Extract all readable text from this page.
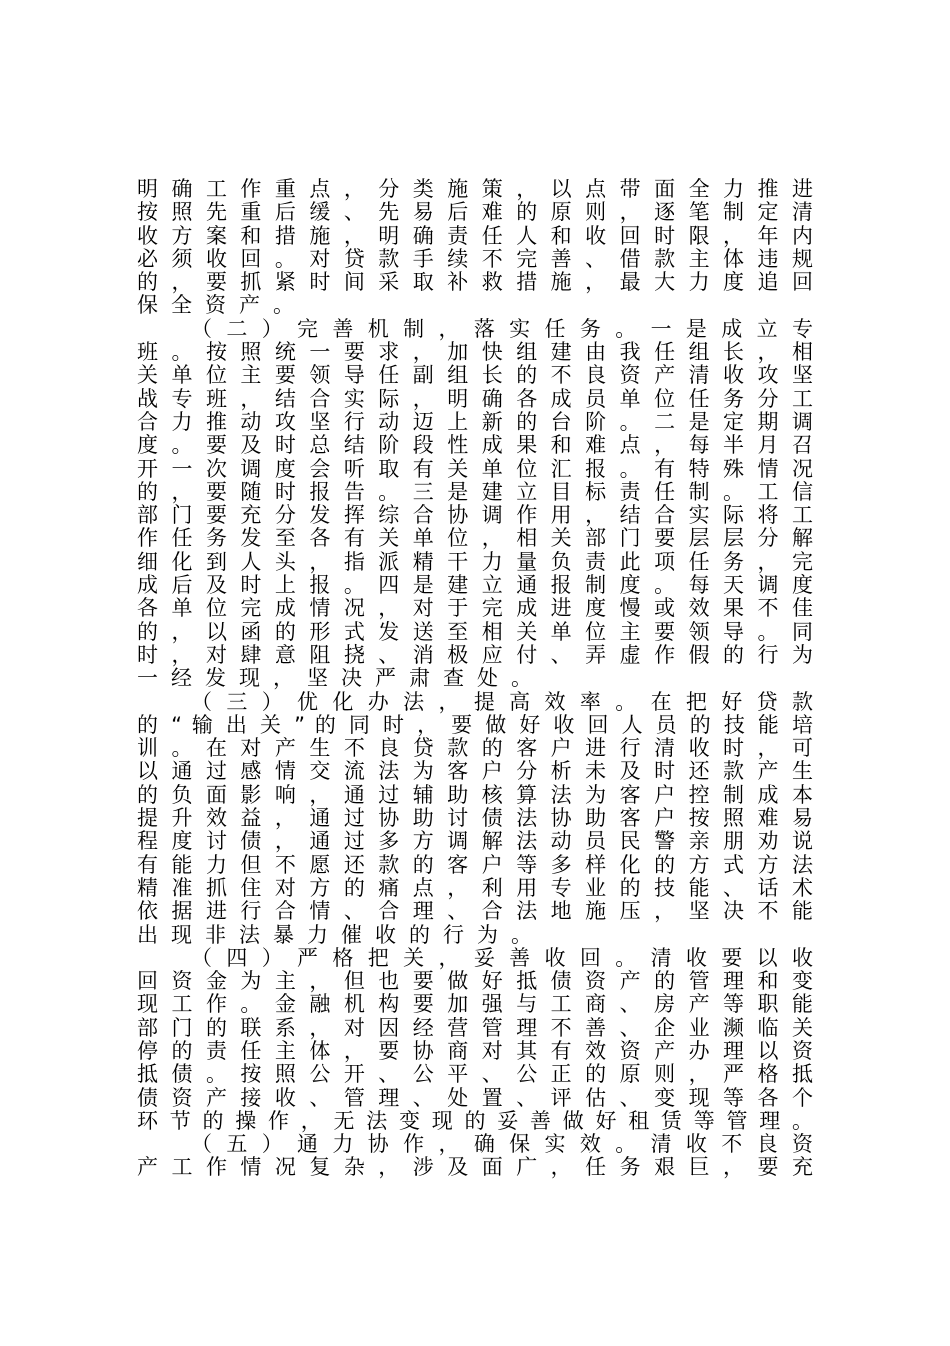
明 确 工 作 重 点 ， 分 类 施 策 ， 以 点 带 面 全 力 推 进
按 照 先 重 后 缓 、 先 易 后 难 的 原 则 ， 逐 笔 制 定 清
收 方 案 和 措 施 ， 明 确 责 任 人 和 收 回 时 限 ， 年 内
必 须 收 回 。 对 贷 款 手 续 不 完 善 、 借 款 主 体 违 规
的 ， 要 抓 紧 时 间 采 取 补 救 措 施 ， 最 大 力 度 追 回
保全资产。
（ 二 ） 完 善 机 制 ， 落 实 任 务 。 一 是 成 立 专
班 。 按 照 统 一 要 求 ， 加 快 组 建 由 我 任 组 长 ， 相
关 单 位 主 要 领 导 任 副 组 长 的 不 良 资 产 清 收 攻 坚
战 专 班 ， 结 合 实 际 ， 明 确 各 成 员 单 位 任 务 分 工
合 力 推 动 攻 坚 行 动 迈 上 新 的 台 阶 。 二 是 定 期 调
度 。 要 及 时 总 结 阶 段 性 成 果 和 难 点 ， 每 半 月 召
开 一 次 调 度 会 听 取 有 关 单 位 汇 报 。 有 特 殊 情 况
的 ， 要 随 时 报 告 。 三 是 建 立 目 标 责 任 制 。 工 信
部 门 要 充 分 发 挥 综 合 协 调 作 用 ， 结 合 实 际 将 工
作 任 务 发 至 各 有 关 单 位 ， 相 关 部 门 要 层 层 分 解
细 化 到 人 头 ， 指 派 精 干 力 量 负 责 此 项 任 务 ， 完
成 后 及 时 上 报 。 四 是 建 立 通 报 制 度 。 每 天 调 度
各 单 位 完 成 情 况 ， 对 于 完 成 进 度 慢 或 效 果 不 佳
的 ， 以 函 的 形 式 发 送 至 相 关 单 位 主 要 领 导 。 同
时 ， 对 肆 意 阻 挠 、 消 极 应 付 、 弄 虚 作 假 的 行 为
一经发现，坚决严肃查处。
（ 三 ） 优 化 办 法 ， 提 高 效 率 。 在 把 好 贷 款
的 “ 输 出 关 ” 的 同 时 ， 要 做 好 收 回 人 员 的 技 能 培
训 。 在 对 产 生 不 良 贷 款 的 客 户 进 行 清 收 时 ， 可
以 通 过 感 情 交 流 法 为 客 户 分 析 未 及 时 还 款 产 生
的 负 面 影 响 ， 通 过 辅 助 核 算 法 为 客 户 控 制 成 本
提 升 效 益 ， 通 过 协 助 讨 债 法 协 助 客 户 按 照 难 易
程 度 讨 债 ， 通 过 多 方 调 解 法 动 员 民 警 亲 朋 劝 说
有 能 力 但 不 愿 还 款 的 客 户 等 多 样 化 的 方 式 方 法
精 准 抓 住 对 方 的 痛 点 ， 利 用 专 业 的 技 能 、 话 术
依 据 进 行 合 情 、 合 理 、 合 法 地 施 压 ， 坚 决 不 能
出现非法暴力催收的行为。
（ 四 ） 严 格 把 关 ， 妥 善 收 回 。 清 收 要 以 收
回 资 金 为 主 ， 但 也 要 做 好 抵 债 资 产 的 管 理 和 变
现 工 作 。 金 融 机 构 要 加 强 与 工 商 、 房 产 等 职 能
部 门 的 联 系 ， 对 因 经 营 管 理 不 善 、 企 业 濒 临 关
停 的 责 任 主 体 ， 要 协 商 对 其 有 效 资 产 办 理 以 资
抵 债 。 按 照 公 开 、 公 平 、 公 正 的 原 则 ， 严 格 抵
债 资 产 接 收 、 管 理 、 处 置 、 评 估 、 变 现 等 各 个
环 节 的 操 作 ， 无 法 变 现 的 妥 善 做 好 租 赁 等 管 理 。
（ 五 ） 通 力 协 作 ， 确 保 实 效 。 清 收 不 良 资
产 工 作 情 况 复 杂 ， 涉 及 面 广 ， 任 务 艰 巨 ， 要 充
